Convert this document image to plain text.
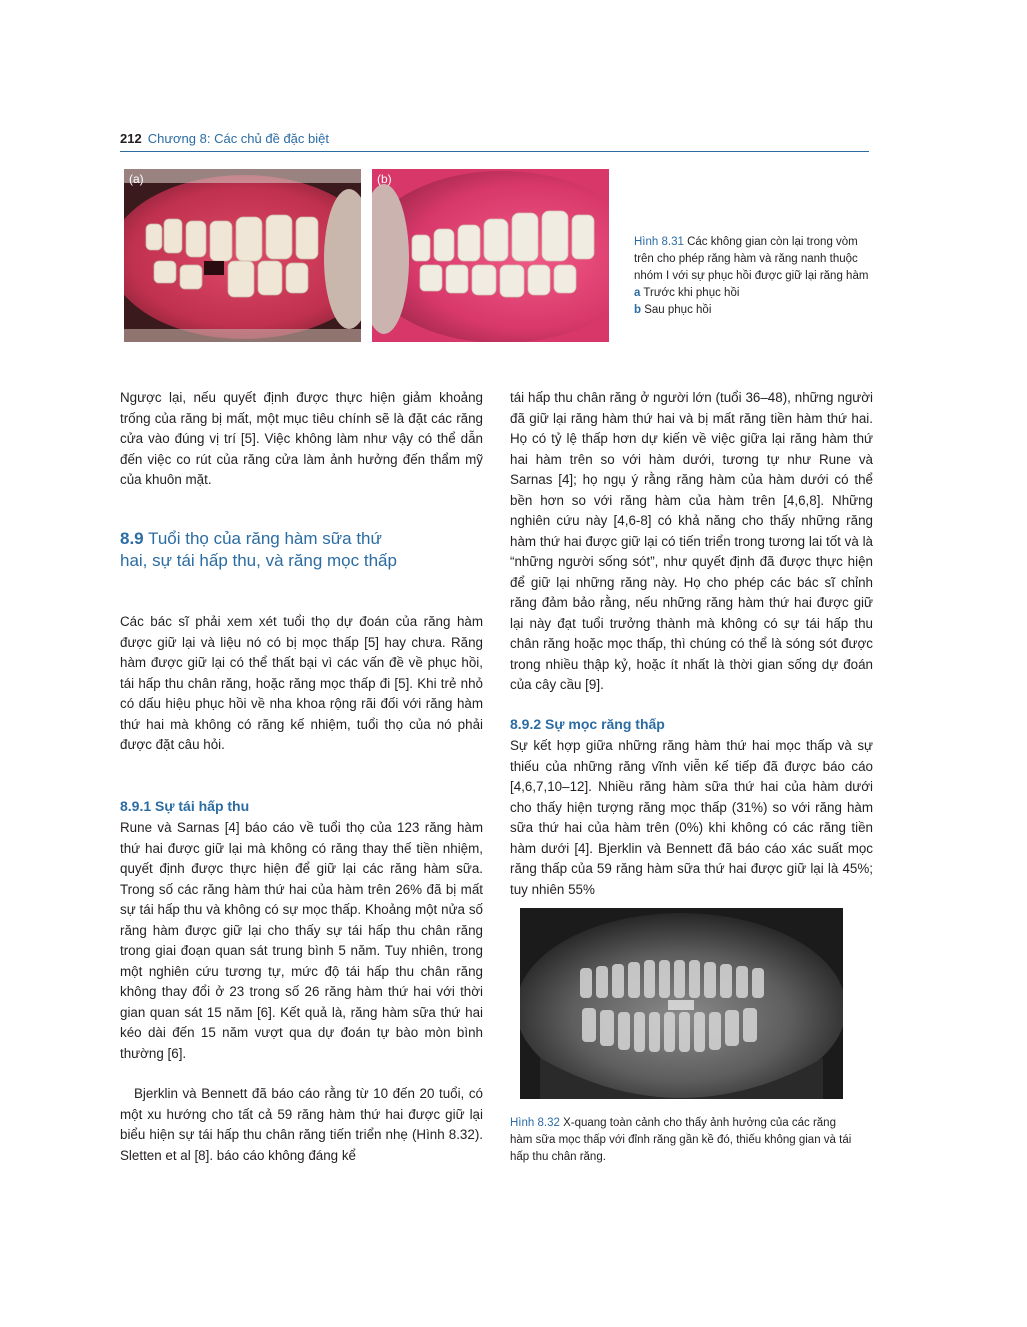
212 Chương 8: Các chủ đề đặc biệt
(a)	(b)
Hình 8.31 Các không gian còn lại trong vòm trên cho phép răng hàm và răng nanh thuộc nhóm I với sự phục hồi được giữ lại răng hàm
a Trước khi phục hồi
b Sau phục hồi
Ngược lại, nếu quyết định được thực hiện giảm khoảng trống của răng bị mất, một mục tiêu chính sẽ là đặt các răng cửa vào đúng vị trí [5]. Việc không làm như vậy có thể dẫn đến việc co rút của răng cửa làm ảnh hưởng đến thẩm mỹ của khuôn mặt.
8.9 Tuổi thọ của răng hàm sữa thứ hai, sự tái hấp thu, và răng mọc thấp
Các bác sĩ phải xem xét tuổi thọ dự đoán của răng hàm được giữ lại và liệu nó có bị mọc thấp [5] hay chưa. Răng hàm được giữ lại có thể thất bại vì các vấn đề về phục hồi, tái hấp thu chân răng, hoặc răng mọc thấp đi [5]. Khi trẻ nhỏ có dấu hiệu phục hồi về nha khoa rộng rãi đối với răng hàm thứ hai mà không có răng kế nhiệm, tuổi thọ của nó phải được đặt câu hỏi.
8.9.1 Sự tái hấp thu
Rune và Sarnas [4] báo cáo về tuổi thọ của 123 răng hàm thứ hai được giữ lại mà không có răng thay thế tiền nhiệm, quyết định được thực hiện để giữ lại các răng hàm sữa. Trong số các răng hàm thứ hai của hàm trên 26% đã bị mất sự tái hấp thu và không có sự mọc thấp. Khoảng một nửa số răng hàm được giữ lại cho thấy sự tái hấp thu chân răng trong giai đoạn quan sát trung bình 5 năm. Tuy nhiên, trong một nghiên cứu tương tự, mức độ tái hấp thu chân răng không thay đổi ở 23 trong số 26 răng hàm thứ hai với thời gian quan sát 15 năm [6]. Kết quả là, răng hàm sữa thứ hai kéo dài đến 15 năm vượt qua dự đoán tự bào mòn bình thường [6].
Bjerklin và Bennett đã báo cáo rằng từ 10 đến 20 tuổi, có một xu hướng cho tất cả 59 răng hàm thứ hai được giữ lại biểu hiện sự tái hấp thu chân răng tiến triển nhẹ (Hình 8.32). Sletten et al [8]. báo cáo không đáng kể
tái hấp thu chân răng ở người lớn (tuổi 36–48), những người đã giữ lại răng hàm thứ hai và bị mất răng tiền hàm thứ hai. Họ có tỷ lệ thấp hơn dự kiến về việc giữa lại răng hàm thứ hai hàm trên so với hàm dưới, tương tự như Rune và Sarnas [4]; họ ngụ ý rằng răng hàm của hàm dưới có thể bền hơn so với răng hàm của hàm trên [4,6,8]. Những nghiên cứu này [4,6-8] có khả năng cho thấy những răng hàm thứ hai được giữ lại có tiến triển trong tương lai tốt và là “những người sống sót”, như quyết định đã được thực hiện để giữ lại những răng này. Họ cho phép các bác sĩ chỉnh răng đảm bảo rằng, nếu những răng hàm thứ hai được giữ lại này đạt tuổi trưởng thành mà không có sự tái hấp thu chân răng hoặc mọc thấp, thì chúng có thể là sóng sót được trong nhiều thập kỷ, hoặc ít nhất là thời gian sống dự đoán của cây cầu [9].
8.9.2 Sự mọc răng thấp
Sự kết hợp giữa những răng hàm thứ hai mọc thấp và sự thiếu của những răng vĩnh viễn kế tiếp đã được báo cáo [4,6,7,10–12]. Nhiều răng hàm sữa thứ hai của hàm dưới cho thấy hiện tượng răng mọc thấp (31%) so với răng hàm sữa thứ hai của hàm trên (0%) khi không có các răng tiền hàm dưới [4]. Bjerklin và Bennett đã báo cáo xác suất mọc răng thấp của 59 răng hàm sữa thứ hai được giữ lại là 45%; tuy nhiên 55%
Hình 8.32 X-quang toàn cảnh cho thấy ảnh hưởng của các răng hàm sữa mọc thấp với đỉnh răng gần kề đó, thiếu không gian và tái hấp thu chân răng.
